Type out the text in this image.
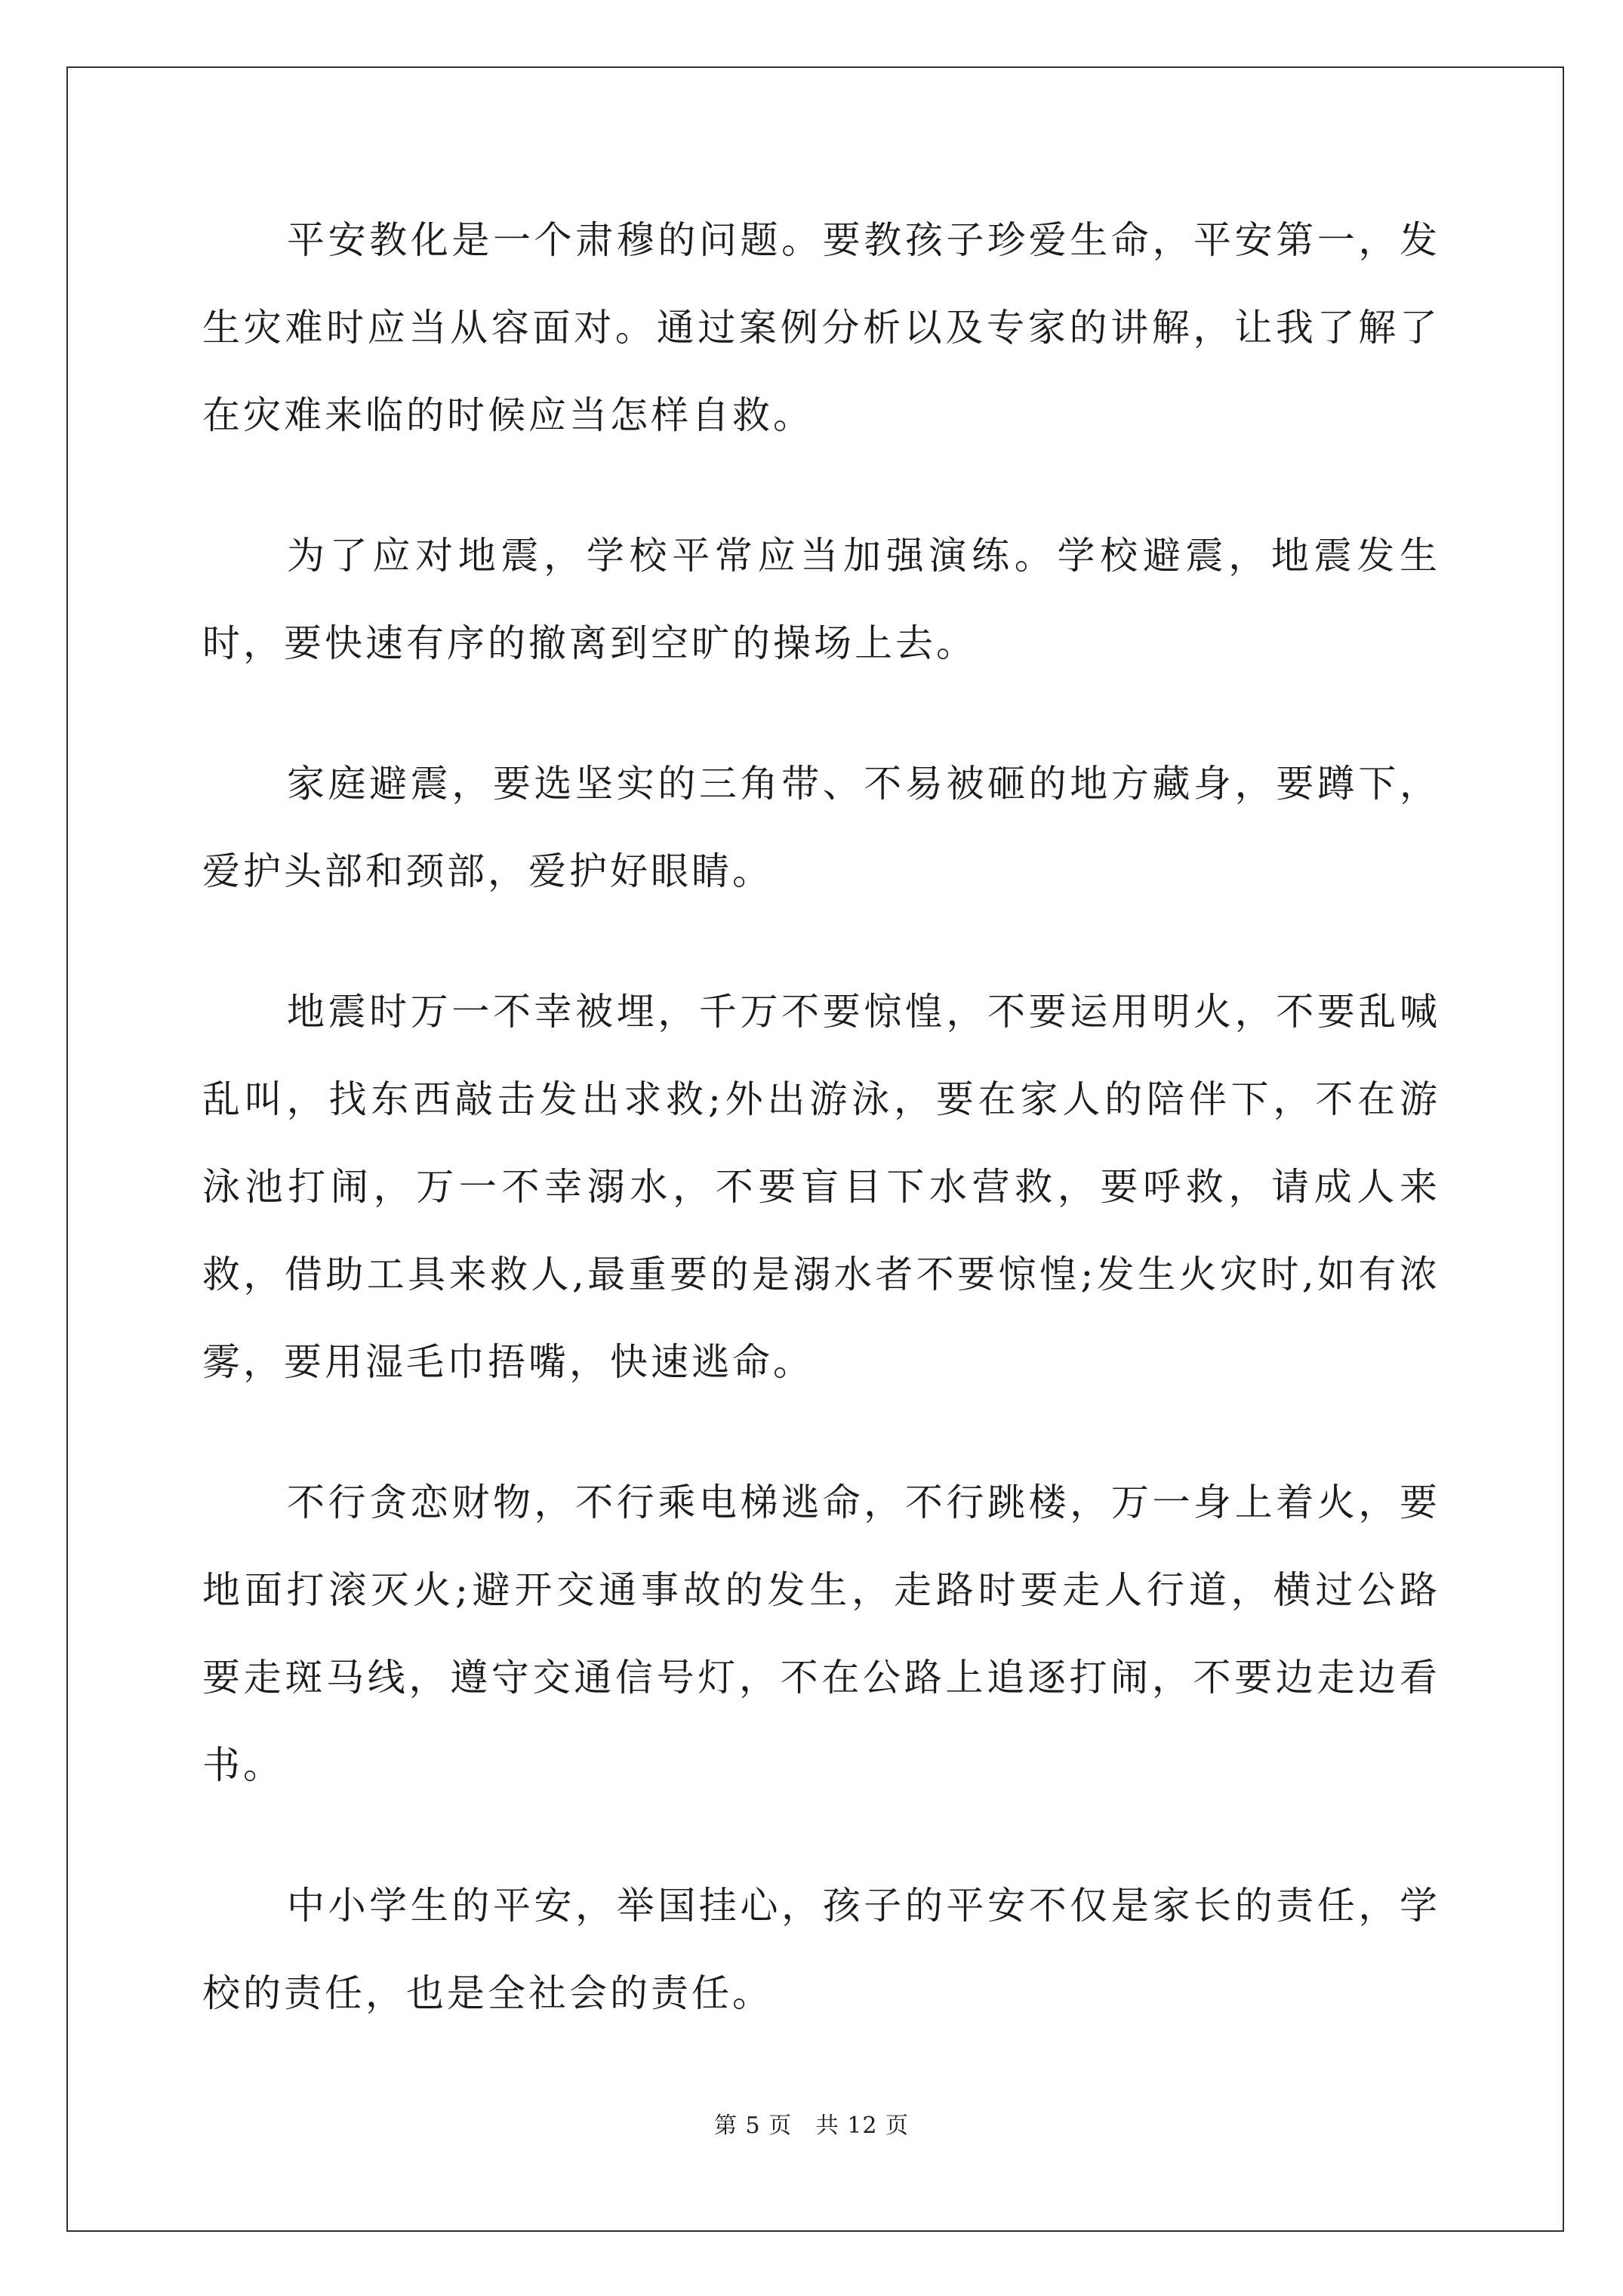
平安教化是一个肃穆的问题。要教孩子珍爱生命，平安第一，发生灾难时应当从容面对。通过案例分析以及专家的讲解，让我了解了在灾难来临的时候应当怎样自救。

为了应对地震，学校平常应当加强演练。学校避震，地震发生时，要快速有序的撤离到空旷的操场上去。

家庭避震，要选坚实的三角带、不易被砸的地方藏身，要蹲下，爱护头部和颈部，爱护好眼睛。

地震时万一不幸被埋，千万不要惊惶，不要运用明火，不要乱喊乱叫，找东西敲击发出求救;外出游泳，要在家人的陪伴下，不在游泳池打闹，万一不幸溺水，不要盲目下水营救，要呼救，请成人来救，借助工具来救人,最重要的是溺水者不要惊惶;发生火灾时,如有浓雾，要用湿毛巾捂嘴，快速逃命。

不行贪恋财物，不行乘电梯逃命，不行跳楼，万一身上着火，要地面打滚灭火;避开交通事故的发生，走路时要走人行道，横过公路要走斑马线，遵守交通信号灯，不在公路上追逐打闹，不要边走边看书。

中小学生的平安，举国挂心，孩子的平安不仅是家长的责任，学校的责任，也是全社会的责任。

第 5 页   共 12 页
